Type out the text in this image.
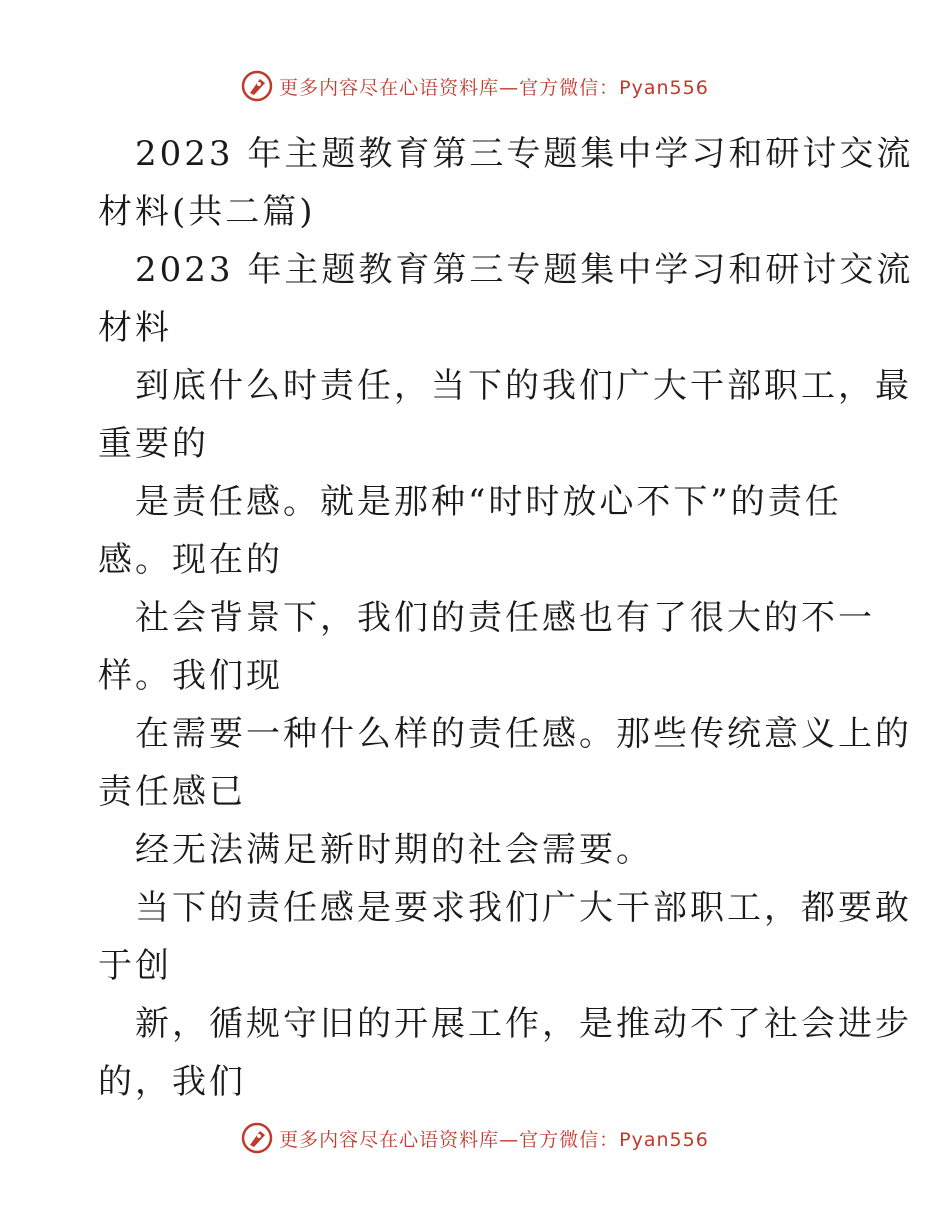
更多内容尽在心语资料库—官方微信：Pyan556
2023 年主题教育第三专题集中学习和研讨交流
材料(共二篇)
2023 年主题教育第三专题集中学习和研讨交流
材料
到底什么时责任，当下的我们广大干部职工，最
重要的
是责任感。就是那种“时时放心不下”的责任
感。现在的
社会背景下，我们的责任感也有了很大的不一
样。我们现
在需要一种什么样的责任感。那些传统意义上的
责任感已
经无法满足新时期的社会需要。
当下的责任感是要求我们广大干部职工，都要敢
于创
新，循规守旧的开展工作，是推动不了社会进步
的，我们
更多内容尽在心语资料库—官方微信：Pyan556
